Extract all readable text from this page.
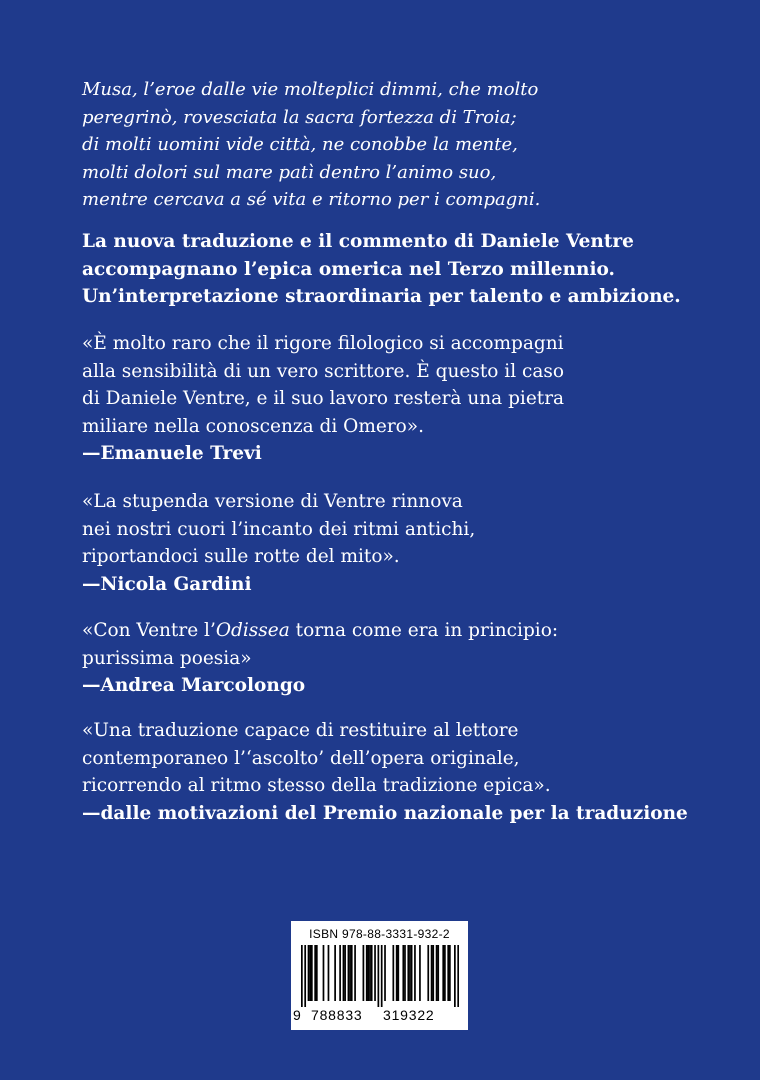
Musa, l’eroe dalle vie molteplici dimmi, che molto
peregrinò, rovesciata la sacra fortezza di Troia;
di molti uomini vide città, ne conobbe la mente,
molti dolori sul mare patì dentro l’animo suo,
mentre cercava a sé vita e ritorno per i compagni.
La nuova traduzione e il commento di Daniele Ventre
accompagnano l’epica omerica nel Terzo millennio.
Un’interpretazione straordinaria per talento e ambizione.
«È molto raro che il rigore filologico si accompagni
alla sensibilità di un vero scrittore. È questo il caso
di Daniele Ventre, e il suo lavoro resterà una pietra
miliare nella conoscenza di Omero».
—Emanuele Trevi
«La stupenda versione di Ventre rinnova
nei nostri cuori l’incanto dei ritmi antichi,
riportandoci sulle rotte del mito».
—Nicola Gardini
«Con Ventre l’Odissea torna come era in principio:
purissima poesia»
—Andrea Marcolongo
«Una traduzione capace di restituire al lettore
contemporaneo l’‘ascolto’ dell’opera originale,
ricorrendo al ritmo stesso della tradizione epica».
—dalle motivazioni del Premio nazionale per la traduzione
ISBN 978-88-3331-932-2
9 788833 319322
